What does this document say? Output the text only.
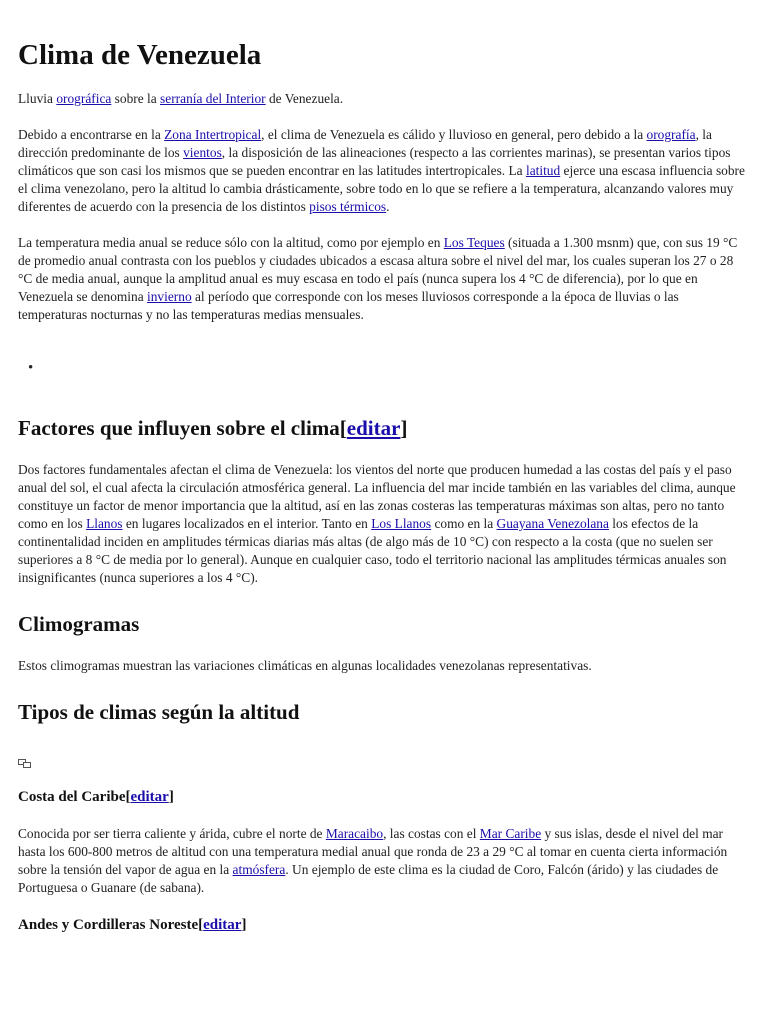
Clima de Venezuela

Lluvia orográfica sobre la serranía del Interior de Venezuela.

Debido a encontrarse en la Zona Intertropical, el clima de Venezuela es cálido y lluvioso en general, pero debido a la orografía, la dirección predominante de los vientos, la disposición de las alineaciones (respecto a las corrientes marinas), se presentan varios tipos climáticos que son casi los mismos que se pueden encontrar en las latitudes intertropicales. La latitud ejerce una escasa influencia sobre el clima venezolano, pero la altitud lo cambia drásticamente, sobre todo en lo que se refiere a la temperatura, alcanzando valores muy diferentes de acuerdo con la presencia de los distintos pisos térmicos.

La temperatura media anual se reduce sólo con la altitud, como por ejemplo en Los Teques (situada a 1.300 msnm) que, con sus 19 °C de promedio anual contrasta con los pueblos y ciudades ubicados a escasa altura sobre el nivel del mar, los cuales superan los 27 o 28 °C de media anual, aunque la amplitud anual es muy escasa en todo el país (nunca supera los 4 °C de diferencia), por lo que en Venezuela se denomina invierno al período que corresponde con los meses lluviosos corresponde a la época de lluvias o las temperaturas nocturnas y no las temperaturas medias mensuales.

•
Factores que influyen sobre el clima[editar]

Dos factores fundamentales afectan el clima de Venezuela: los vientos del norte que producen humedad a las costas del país y el paso anual del sol, el cual afecta la circulación atmosférica general. La influencia del mar incide también en las variables del clima, aunque constituye un factor de menor importancia que la altitud, así en las zonas costeras las temperaturas máximas son altas, pero no tanto como en los Llanos en lugares localizados en el interior. Tanto en Los Llanos como en la Guayana Venezolana los efectos de la continentalidad inciden en amplitudes térmicas diarias más altas (de algo más de 10 °C) con respecto a la costa (que no suelen ser superiores a 8 °C de media por lo general). Aunque en cualquier caso, todo el territorio nacional las amplitudes térmicas anuales son insignificantes (nunca superiores a los 4 °C).

Climogramas

Estos climogramas muestran las variaciones climáticas en algunas localidades venezolanas representativas.

Tipos de climas según la altitud
Costa del Caribe[editar]

Conocida por ser tierra caliente y árida, cubre el norte de Maracaibo, las costas con el Mar Caribe y sus islas, desde el nivel del mar hasta los 600-800 metros de altitud con una temperatura medial anual que ronda de 23 a 29 °C al tomar en cuenta cierta información sobre la tensión del vapor de agua en la atmósfera. Un ejemplo de este clima es la ciudad de Coro, Falcón (árido) y las ciudades de Portuguesa o Guanare (de sabana).

Andes y Cordilleras Noreste[editar]
